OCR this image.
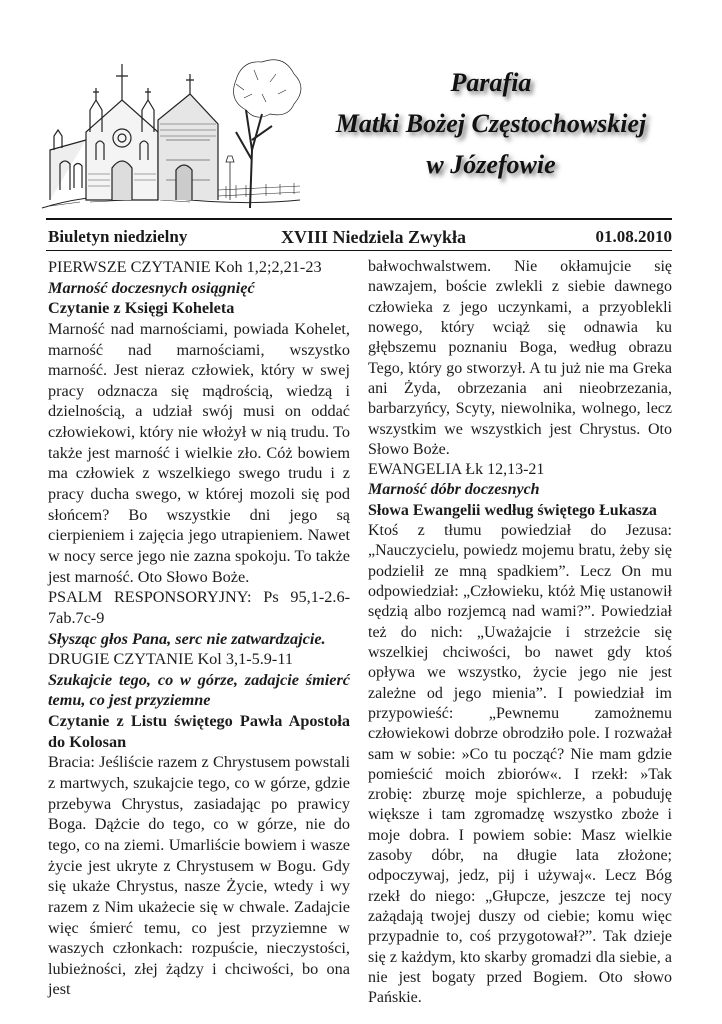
Parafia
Matki Bożej Częstochowskiej
w Józefowie
Biuletyn niedzielny	XVIII Niedziela Zwykła	01.08.2010

PIERWSZE CZYTANIE Koh 1,2;2,21-23

Marność doczesnych osiągnięć

Czytanie z Księgi Koheleta

Marność nad marnościami, powiada Kohelet, marność nad marnościami, wszystko marność. Jest nieraz człowiek, który w swej pracy odznacza się mądrością, wiedzą i dzielnością, a udział swój musi on oddać człowiekowi, który nie włożył w nią trudu. To także jest marność i wielkie zło. Cóż bowiem ma człowiek z wszelkiego swego trudu i z pracy ducha swego, w której mozoli się pod słońcem? Bo wszystkie dni jego są cierpieniem i zajęcia jego utrapieniem. Nawet w nocy serce jego nie zazna spokoju. To także jest marność. Oto Słowo Boże.

PSALM RESPONSORYJNY: Ps 95,1-2.6-7ab.7c-9

Słysząc głos Pana, serc nie zatwardzajcie.

DRUGIE CZYTANIE Kol 3,1-5.9-11

Szukajcie tego, co w górze, zadajcie śmierć temu, co jest przyziemne

Czytanie z Listu świętego Pawła Apostoła do Kolosan

Bracia: Jeśliście razem z Chrystusem powstali z martwych, szukajcie tego, co w górze, gdzie przebywa Chrystus, zasiadając po prawicy Boga. Dążcie do tego, co w górze, nie do tego, co na ziemi. Umarliście bowiem i wasze życie jest ukryte z Chrystusem w Bogu. Gdy się ukaże Chrystus, nasze Życie, wtedy i wy razem z Nim ukażecie się w chwale. Zadajcie więc śmierć temu, co jest przyziemne w waszych członkach: rozpuście, nieczystości, lubieżności, złej żądzy i chciwości, bo ona jest

bałwochwalstwem. Nie okłamujcie się nawzajem, boście zwlekli z siebie dawnego człowieka z jego uczynkami, a przyoblekli nowego, który wciąż się odnawia ku głębszemu poznaniu Boga, według obrazu Tego, który go stworzył. A tu już nie ma Greka ani Żyda, obrzezania ani nieobrzezania, barbarzyńcy, Scyty, niewolnika, wolnego, lecz wszystkim we wszystkich jest Chrystus. Oto Słowo Boże.

EWANGELIA Łk 12,13-21

Marność dóbr doczesnych

Słowa Ewangelii według świętego Łukasza

Ktoś z tłumu powiedział do Jezusa: „Nauczycielu, powiedz mojemu bratu, żeby się podzielił ze mną spadkiem”. Lecz On mu odpowiedział: „Człowieku, któż Mię ustanowił sędzią albo rozjemcą nad wami?”. Powiedział też do nich: „Uważajcie i strzeżcie się wszelkiej chciwości, bo nawet gdy ktoś opływa we wszystko, życie jego nie jest zależne od jego mienia”. I powiedział im przypowieść: „Pewnemu zamożnemu człowiekowi dobrze obrodziło pole. I rozważał sam w sobie: »Co tu począć? Nie mam gdzie pomieścić moich zbiorów«. I rzekł: »Tak zrobię: zburzę moje spichlerze, a pobuduję większe i tam zgromadzę wszystko zboże i moje dobra. I powiem sobie: Masz wielkie zasoby dóbr, na długie lata złożone; odpoczywaj, jedz, pij i używaj«. Lecz Bóg rzekł do niego: „Głupcze, jeszcze tej nocy zażądają twojej duszy od ciebie; komu więc przypadnie to, coś przygotował?”. Tak dzieje się z każdym, kto skarby gromadzi dla siebie, a nie jest bogaty przed Bogiem. Oto słowo Pańskie.
